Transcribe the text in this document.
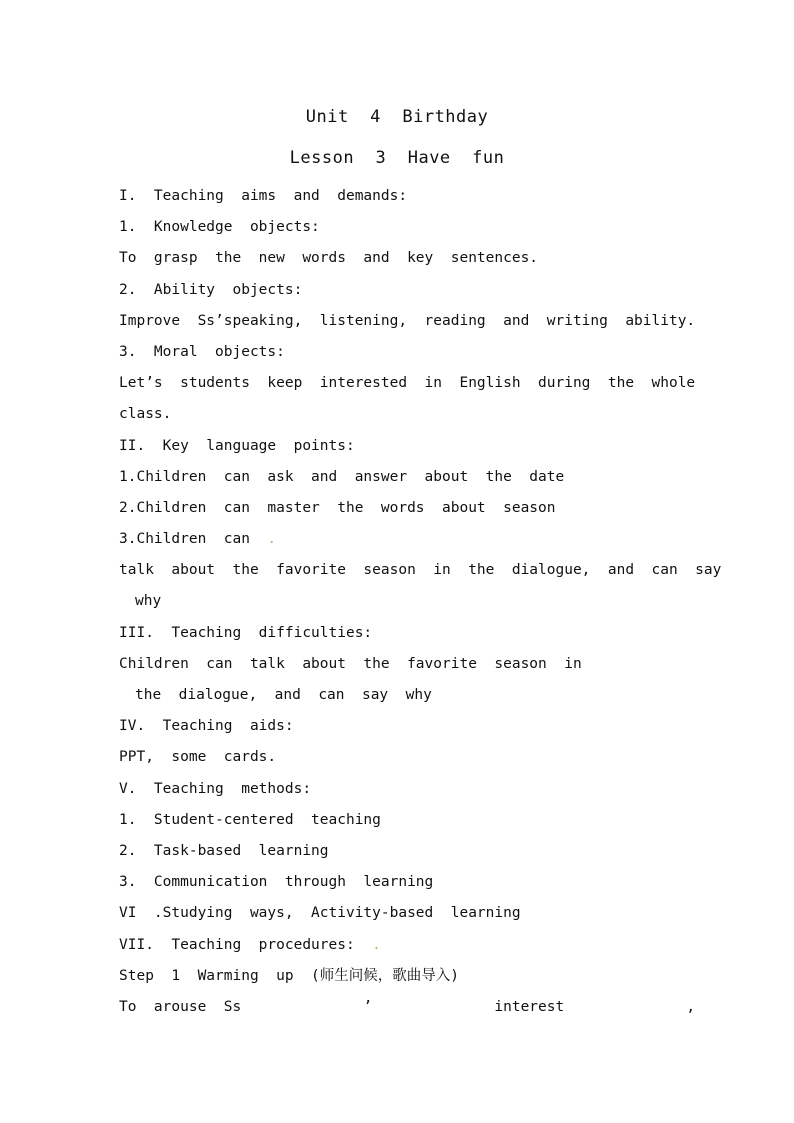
Unit  4  Birthday
Lesson  3  Have  fun
I.  Teaching  aims  and  demands:
1.  Knowledge  objects:
To  grasp  the  new  words  and  key  sentences.
2.  Ability  objects:
Improve  Ss’speaking,  listening,  reading  and  writing  ability.
3.  Moral  objects:
Let’s  students  keep  interested  in  English  during  the  whole
class.
II.  Key  language  points:
1.Children  can  ask  and  answer  about  the  date
2.Children  can  master  the  words  about  season
3.Children  can .
talk  about  the  favorite  season  in  the  dialogue,  and  can  say
why
III.  Teaching  difficulties:
Children  can  talk  about  the  favorite  season  in
the  dialogue,  and  can  say  why
IV.  Teaching  aids:
PPT,  some  cards.
V.  Teaching  methods:
1.  Student-centered  teaching
2.  Task-based  learning
3.  Communication  through  learning
VI  .Studying  ways,  Activity-based  learning
VII.  Teaching  procedures: .
Step  1  Warming  up  (师生问候，歌曲导入)
To  arouse  Ss              ’              interest              ,
